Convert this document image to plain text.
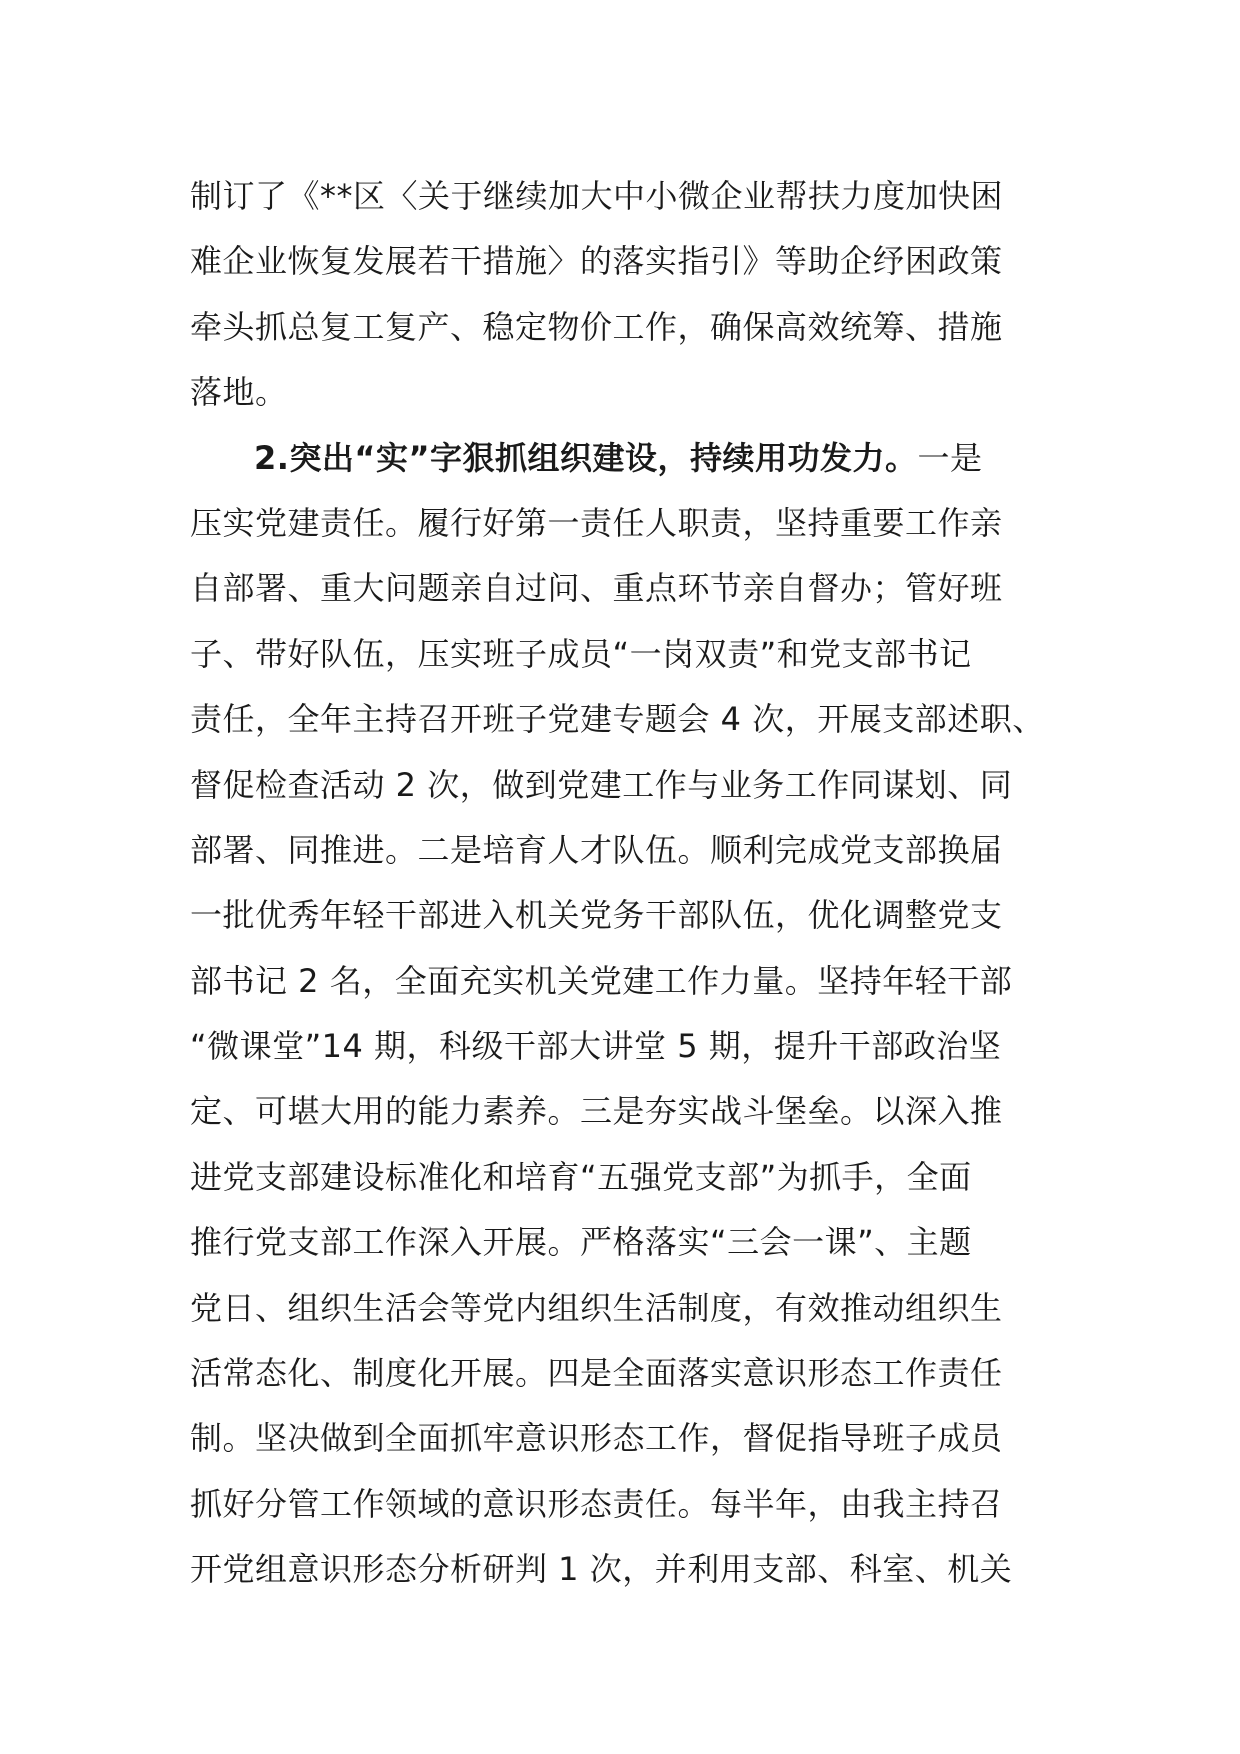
制订了《**区〈关于继续加大中小微企业帮扶力度加快困
难企业恢复发展若干措施〉的落实指引》等助企纾困政策
牵头抓总复工复产、稳定物价工作，确保高效统筹、措施
落地。
2.突出“实”字狠抓组织建设，持续用功发力。一是
压实党建责任。履行好第一责任人职责，坚持重要工作亲
自部署、重大问题亲自过问、重点环节亲自督办；管好班
子、带好队伍，压实班子成员“一岗双责”和党支部书记
责任，全年主持召开班子党建专题会 4 次，开展支部述职、
督促检查活动 2 次，做到党建工作与业务工作同谋划、同
部署、同推进。二是培育人才队伍。顺利完成党支部换届
一批优秀年轻干部进入机关党务干部队伍，优化调整党支
部书记 2 名，全面充实机关党建工作力量。坚持年轻干部
“微课堂”14 期，科级干部大讲堂 5 期，提升干部政治坚
定、可堪大用的能力素养。三是夯实战斗堡垒。以深入推
进党支部建设标准化和培育“五强党支部”为抓手，全面
推行党支部工作深入开展。严格落实“三会一课”、主题
党日、组织生活会等党内组织生活制度，有效推动组织生
活常态化、制度化开展。四是全面落实意识形态工作责任
制。坚决做到全面抓牢意识形态工作，督促指导班子成员
抓好分管工作领域的意识形态责任。每半年，由我主持召
开党组意识形态分析研判 1 次，并利用支部、科室、机关
